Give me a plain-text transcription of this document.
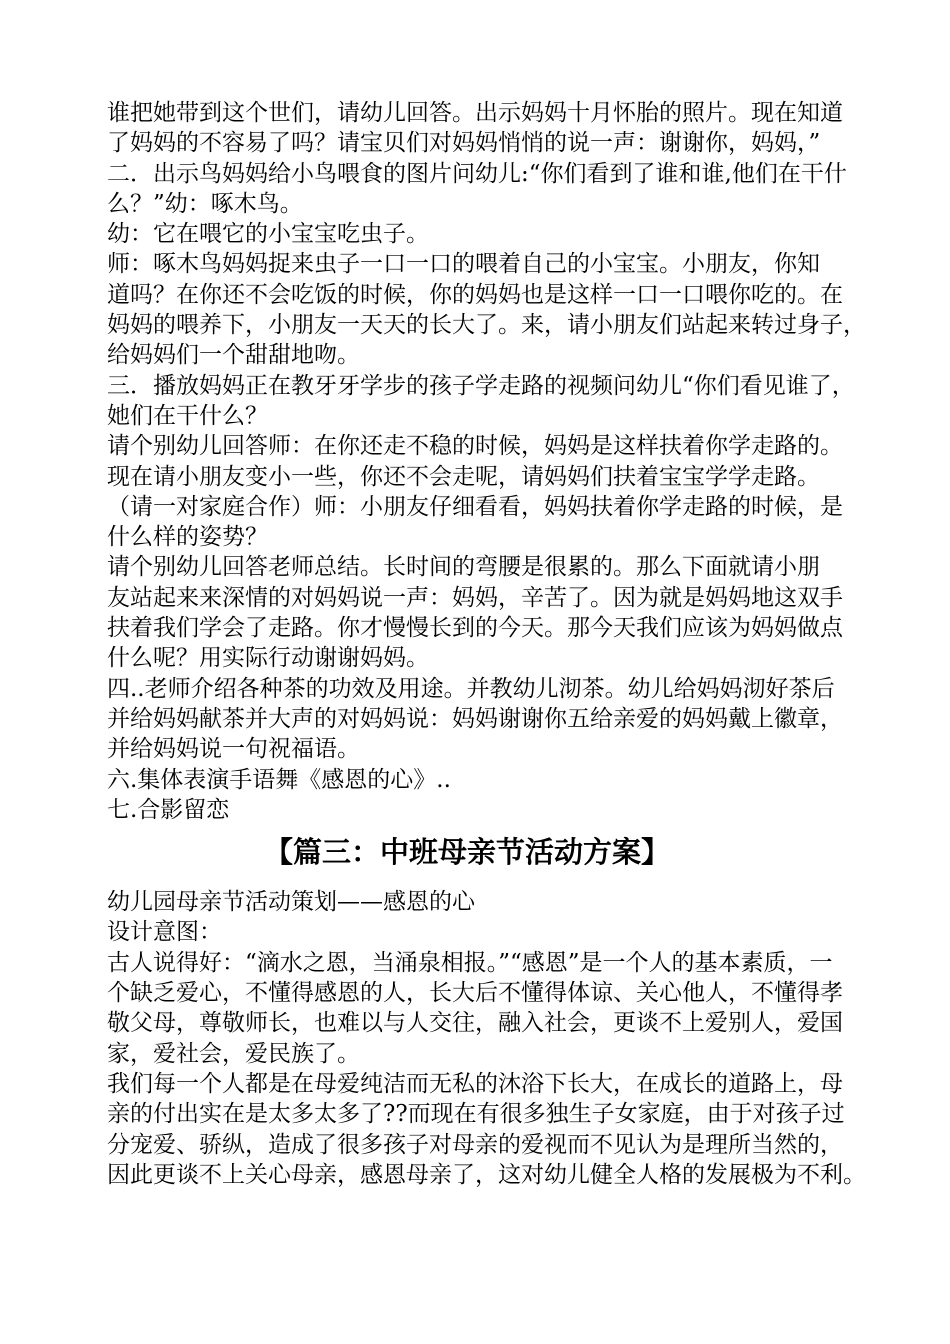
谁把她带到这个世们，请幼儿回答。出示妈妈十月怀胎的照片。现在知道
了妈妈的不容易了吗？请宝贝们对妈妈悄悄的说一声：谢谢你，妈妈，”
二．出示鸟妈妈给小鸟喂食的图片问幼儿:“你们看到了谁和谁,他们在干什
么？”幼：啄木鸟。
幼：它在喂它的小宝宝吃虫子。
师：啄木鸟妈妈捉来虫子一口一口的喂着自己的小宝宝。小朋友，你知
道吗？在你还不会吃饭的时候，你的妈妈也是这样一口一口喂你吃的。在
妈妈的喂养下，小朋友一天天的长大了。来，请小朋友们站起来转过身子，
给妈妈们一个甜甜地吻。
三．播放妈妈正在教牙牙学步的孩子学走路的视频问幼儿“你们看见谁了，
她们在干什么？
请个别幼儿回答师：在你还走不稳的时候，妈妈是这样扶着你学走路的。
现在请小朋友变小一些，你还不会走呢，请妈妈们扶着宝宝学学走路。
（请一对家庭合作）师：小朋友仔细看看，妈妈扶着你学走路的时候，是
什么样的姿势？
请个别幼儿回答老师总结。长时间的弯腰是很累的。那么下面就请小朋
友站起来来深情的对妈妈说一声：妈妈，辛苦了。因为就是妈妈地这双手
扶着我们学会了走路。你才慢慢长到的今天。那今天我们应该为妈妈做点
什么呢？用实际行动谢谢妈妈。
四..老师介绍各种茶的功效及用途。并教幼儿沏茶。幼儿给妈妈沏好茶后
并给妈妈献茶并大声的对妈妈说：妈妈谢谢你五给亲爱的妈妈戴上徽章，
并给妈妈说一句祝福语。
六.集体表演手语舞《感恩的心》..
七.合影留恋
【篇三：中班母亲节活动方案】
幼儿园母亲节活动策划——感恩的心
设计意图：
古人说得好：“滴水之恩，当涌泉相报。”“感恩”是一个人的基本素质，一
个缺乏爱心，不懂得感恩的人，长大后不懂得体谅、关心他人，不懂得孝
敬父母，尊敬师长，也难以与人交往，融入社会，更谈不上爱别人，爱国
家，爱社会，爱民族了。
我们每一个人都是在母爱纯洁而无私的沐浴下长大，在成长的道路上，母
亲的付出实在是太多太多了??而现在有很多独生子女家庭，由于对孩子过
分宠爱、骄纵，造成了很多孩子对母亲的爱视而不见认为是理所当然的，
因此更谈不上关心母亲，感恩母亲了，这对幼儿健全人格的发展极为不利。
